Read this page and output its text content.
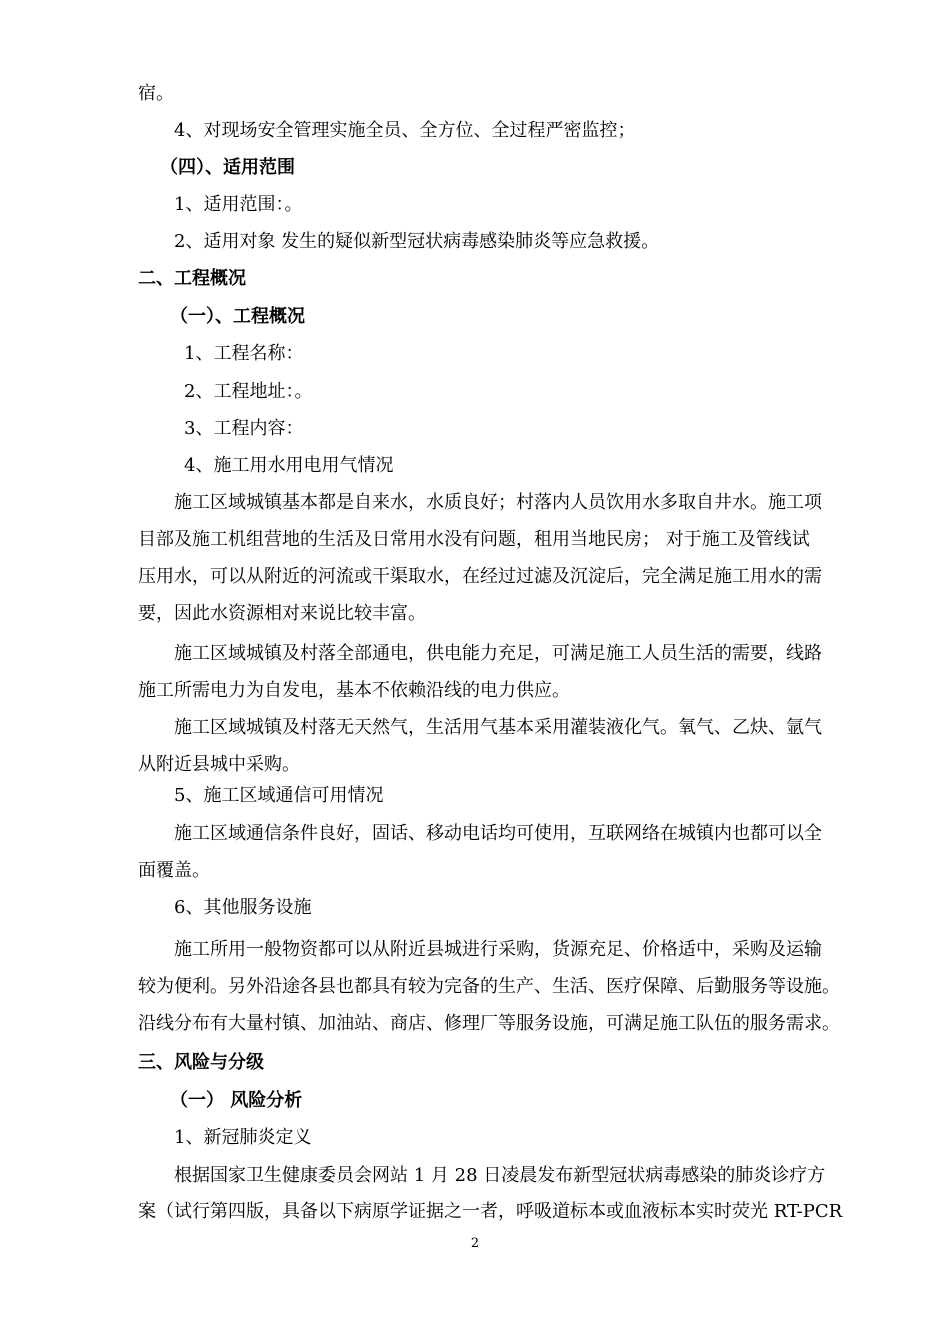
宿。
4、对现场安全管理实施全员、全方位、全过程严密监控；
（四）、适用范围
1、适用范围：。
2、适用对象 发生的疑似新型冠状病毒感染肺炎等应急救援。
二、工程概况
（一）、工程概况
1、工程名称：
2、工程地址：。
3、工程内容：
4、施工用水用电用气情况
施工区域城镇基本都是自来水，水质良好；村落内人员饮用水多取自井水。施工项
目部及施工机组营地的生活及日常用水没有问题，租用当地民房； 对于施工及管线试
压用水，可以从附近的河流或干渠取水，在经过过滤及沉淀后，完全满足施工用水的需
要，因此水资源相对来说比较丰富。
施工区域城镇及村落全部通电，供电能力充足，可满足施工人员生活的需要，线路
施工所需电力为自发电，基本不依赖沿线的电力供应。
施工区域城镇及村落无天然气，生活用气基本采用灌装液化气。氧气、乙炔、氩气
从附近县城中采购。
5、施工区域通信可用情况
施工区域通信条件良好，固话、移动电话均可使用，互联网络在城镇内也都可以全
面覆盖。
6、其他服务设施
施工所用一般物资都可以从附近县城进行采购，货源充足、价格适中，采购及运输
较为便利。另外沿途各县也都具有较为完备的生产、生活、医疗保障、后勤服务等设施。
沿线分布有大量村镇、加油站、商店、修理厂等服务设施，可满足施工队伍的服务需求。
三、风险与分级
（一） 风险分析
1、新冠肺炎定义
根据国家卫生健康委员会网站 1 月 28 日凌晨发布新型冠状病毒感染的肺炎诊疗方
案（试行第四版，具备以下病原学证据之一者，呼吸道标本或血液标本实时荧光 RT-PCR
2
